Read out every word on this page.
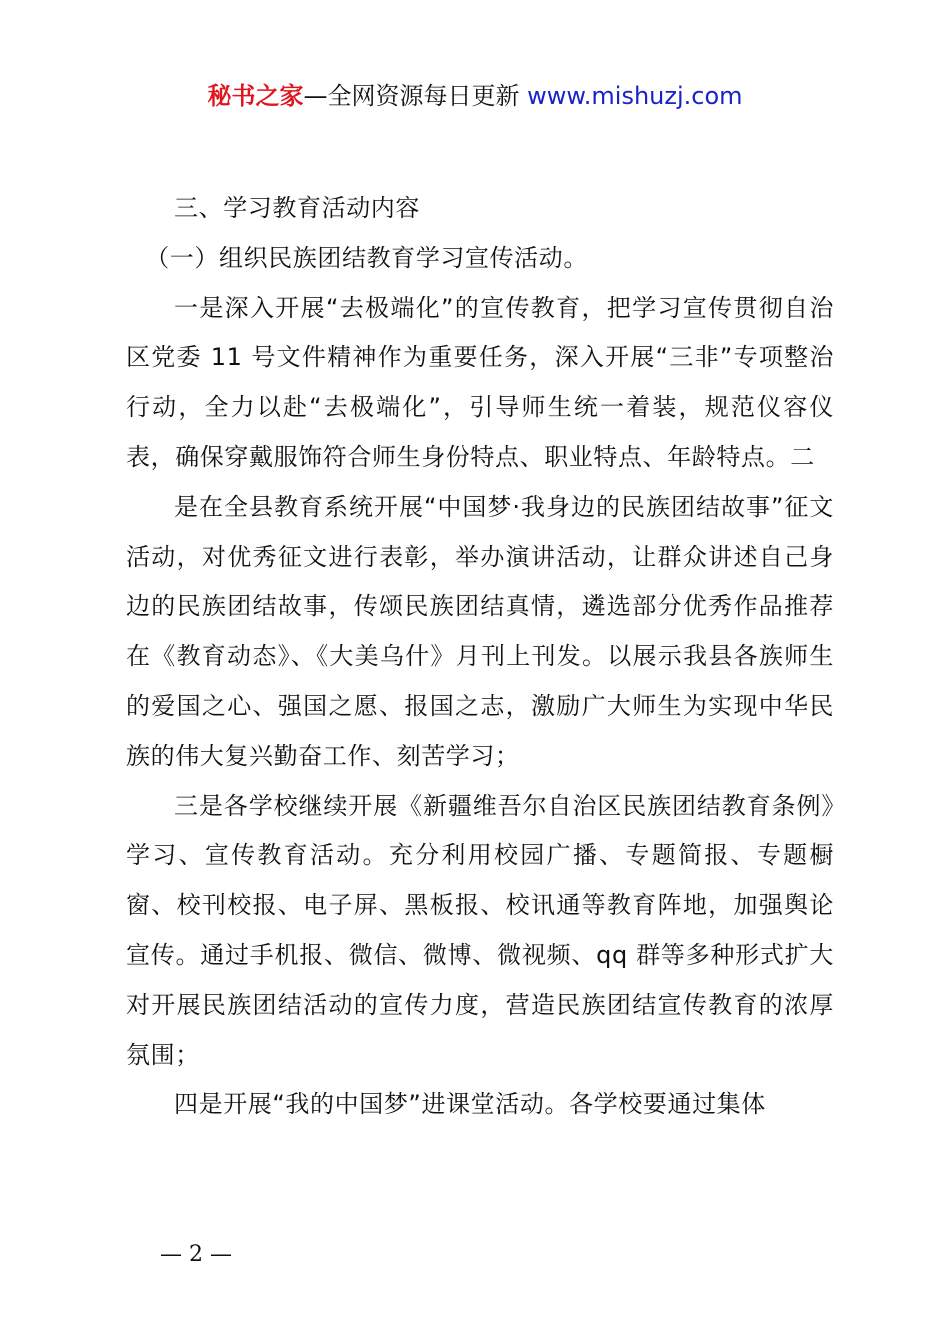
秘书之家—全网资源每日更新 www.mishuzj.com

三、学习教育活动内容

（一）组织民族团结教育学习宣传活动。

一是深入开展“去极端化”的宣传教育，把学习宣传贯彻自治区党委 11 号文件精神作为重要任务，深入开展“三非”专项整治行动，全力以赴“去极端化”，引导师生统一着装，规范仪容仪表，确保穿戴服饰符合师生身份特点、职业特点、年龄特点。二

是在全县教育系统开展“中国梦·我身边的民族团结故事”征文活动，对优秀征文进行表彰，举办演讲活动，让群众讲述自己身边的民族团结故事，传颂民族团结真情，遴选部分优秀作品推荐在《教育动态》、《大美乌什》月刊上刊发。以展示我县各族师生的爱国之心、强国之愿、报国之志，激励广大师生为实现中华民族的伟大复兴勤奋工作、刻苦学习；

三是各学校继续开展《新疆维吾尔自治区民族团结教育条例》学习、宣传教育活动。充分利用校园广播、专题简报、专题橱窗、校刊校报、电子屏、黑板报、校讯通等教育阵地，加强舆论宣传。通过手机报、微信、微博、微视频、qq 群等多种形式扩大对开展民族团结活动的宣传力度，营造民族团结宣传教育的浓厚氛围；

四是开展“我的中国梦”进课堂活动。各学校要通过集体

— 2 —
